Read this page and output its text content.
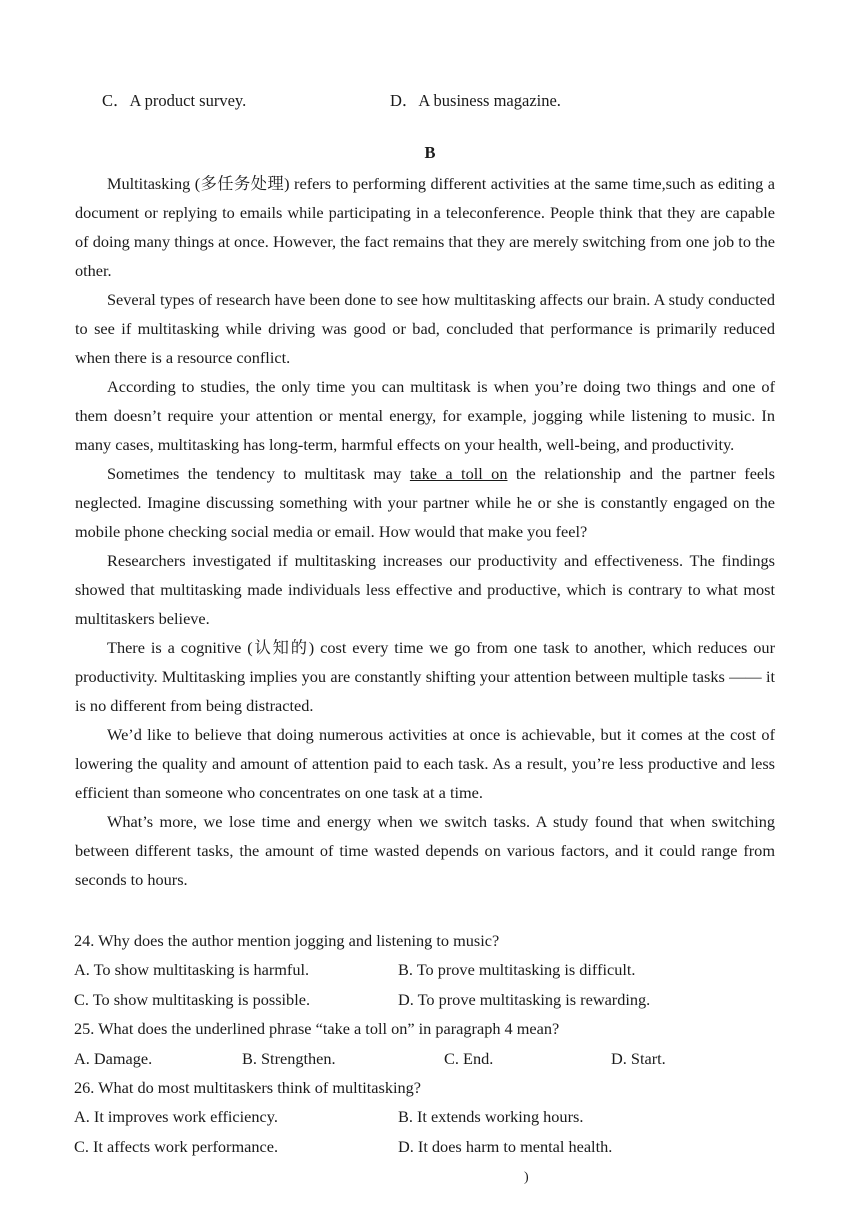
C．A product survey.	D．A business magazine.
B

Multitasking (多任务处理) refers to performing different activities at the same time,such as editing a document or replying to emails while participating in a teleconference. People think that they are capable of doing many things at once. However, the fact remains that they are merely switching from one job to the other.

Several types of research have been done to see how multitasking affects our brain. A study conducted to see if multitasking while driving was good or bad, concluded that performance is primarily reduced when there is a resource conflict.

According to studies, the only time you can multitask is when you’re doing two things and one of them doesn’t require your attention or mental energy, for example, jogging while listening to music. In many cases, multitasking has long-term, harmful effects on your health, well-being, and productivity.

Sometimes the tendency to multitask may take a toll on the relationship and the partner feels neglected. Imagine discussing something with your partner while he or she is constantly engaged on the mobile phone checking social media or email. How would that make you feel?

Researchers investigated if multitasking increases our productivity and effectiveness. The findings showed that multitasking made individuals less effective and productive, which is contrary to what most multitaskers believe.

There is a cognitive (认知的) cost every time we go from one task to another, which reduces our productivity. Multitasking implies you are constantly shifting your attention between multiple tasks —— it is no different from being distracted.

We’d like to believe that doing numerous activities at once is achievable, but it comes at the cost of lowering the quality and amount of attention paid to each task. As a result, you’re less productive and less efficient than someone who concentrates on one task at a time.

What’s more, we lose time and energy when we switch tasks. A study found that when switching between different tasks, the amount of time wasted depends on various factors, and it could range from seconds to hours.

24. Why does the author mention jogging and listening to music?

A. To show multitasking is harmful.	B. To prove multitasking is difficult.
C. To show multitasking is possible.	D. To prove multitasking is rewarding.

25. What does the underlined phrase “take a toll on” in paragraph 4 mean?

A. Damage.	B. Strengthen.	C. End.	D. Start.

26. What do most multitaskers think of multitasking?

A. It improves work efficiency.	B. It extends working hours.
C. It affects work performance.	D. It does harm to mental health.
)
